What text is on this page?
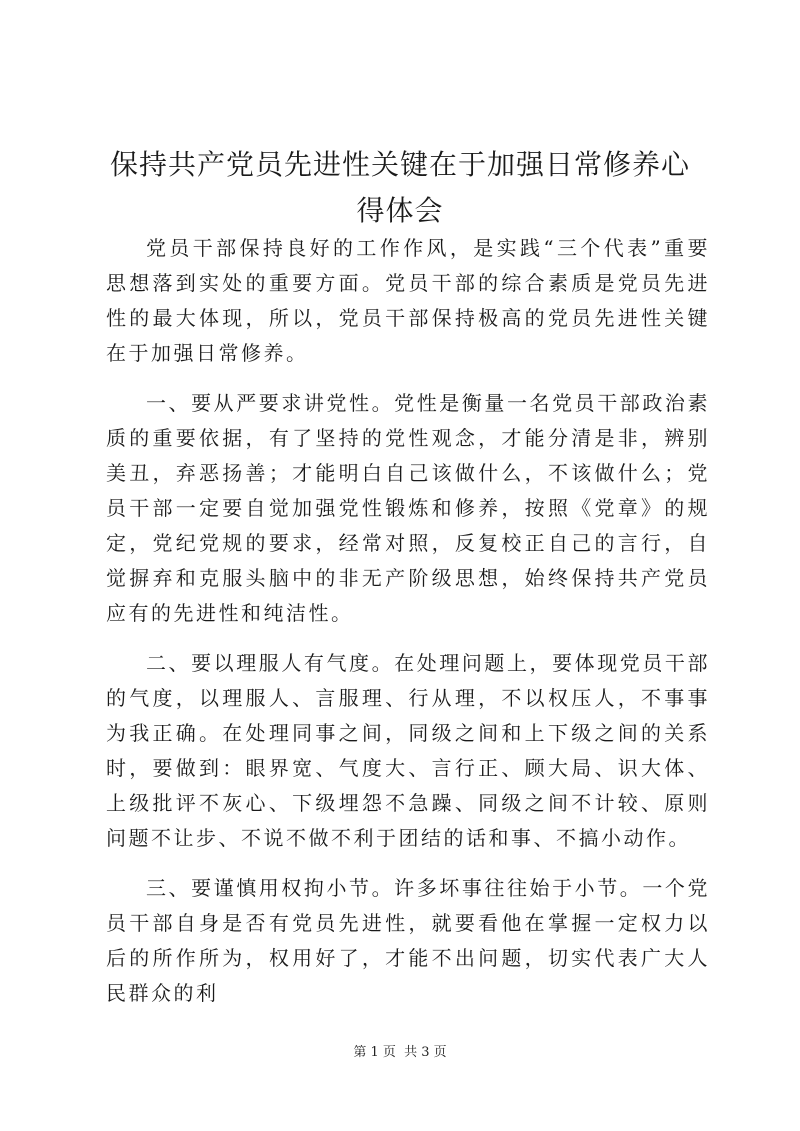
保持共产党员先进性关键在于加强日常修养心得体会

党员干部保持良好的工作作风，是实践“三个代表”重要思想落到实处的重要方面。党员干部的综合素质是党员先进性的最大体现，所以，党员干部保持极高的党员先进性关键在于加强日常修养。

一、要从严要求讲党性。党性是衡量一名党员干部政治素质的重要依据，有了坚持的党性观念，才能分清是非，辨别美丑，弃恶扬善；才能明白自己该做什么，不该做什么；党员干部一定要自觉加强党性锻炼和修养，按照《党章》的规定，党纪党规的要求，经常对照，反复校正自己的言行，自觉摒弃和克服头脑中的非无产阶级思想，始终保持共产党员应有的先进性和纯洁性。

二、要以理服人有气度。在处理问题上，要体现党员干部的气度，以理服人、言服理、行从理，不以权压人，不事事为我正确。在处理同事之间，同级之间和上下级之间的关系时，要做到：眼界宽、气度大、言行正、顾大局、识大体、上级批评不灰心、下级埋怨不急躁、同级之间不计较、原则问题不让步、不说不做不利于团结的话和事、不搞小动作。

三、要谨慎用权拘小节。许多坏事往往始于小节。一个党员干部自身是否有党员先进性，就要看他在掌握一定权力以后的所作所为，权用好了，才能不出问题，切实代表广大人民群众的利

第 1 页 共 3 页
